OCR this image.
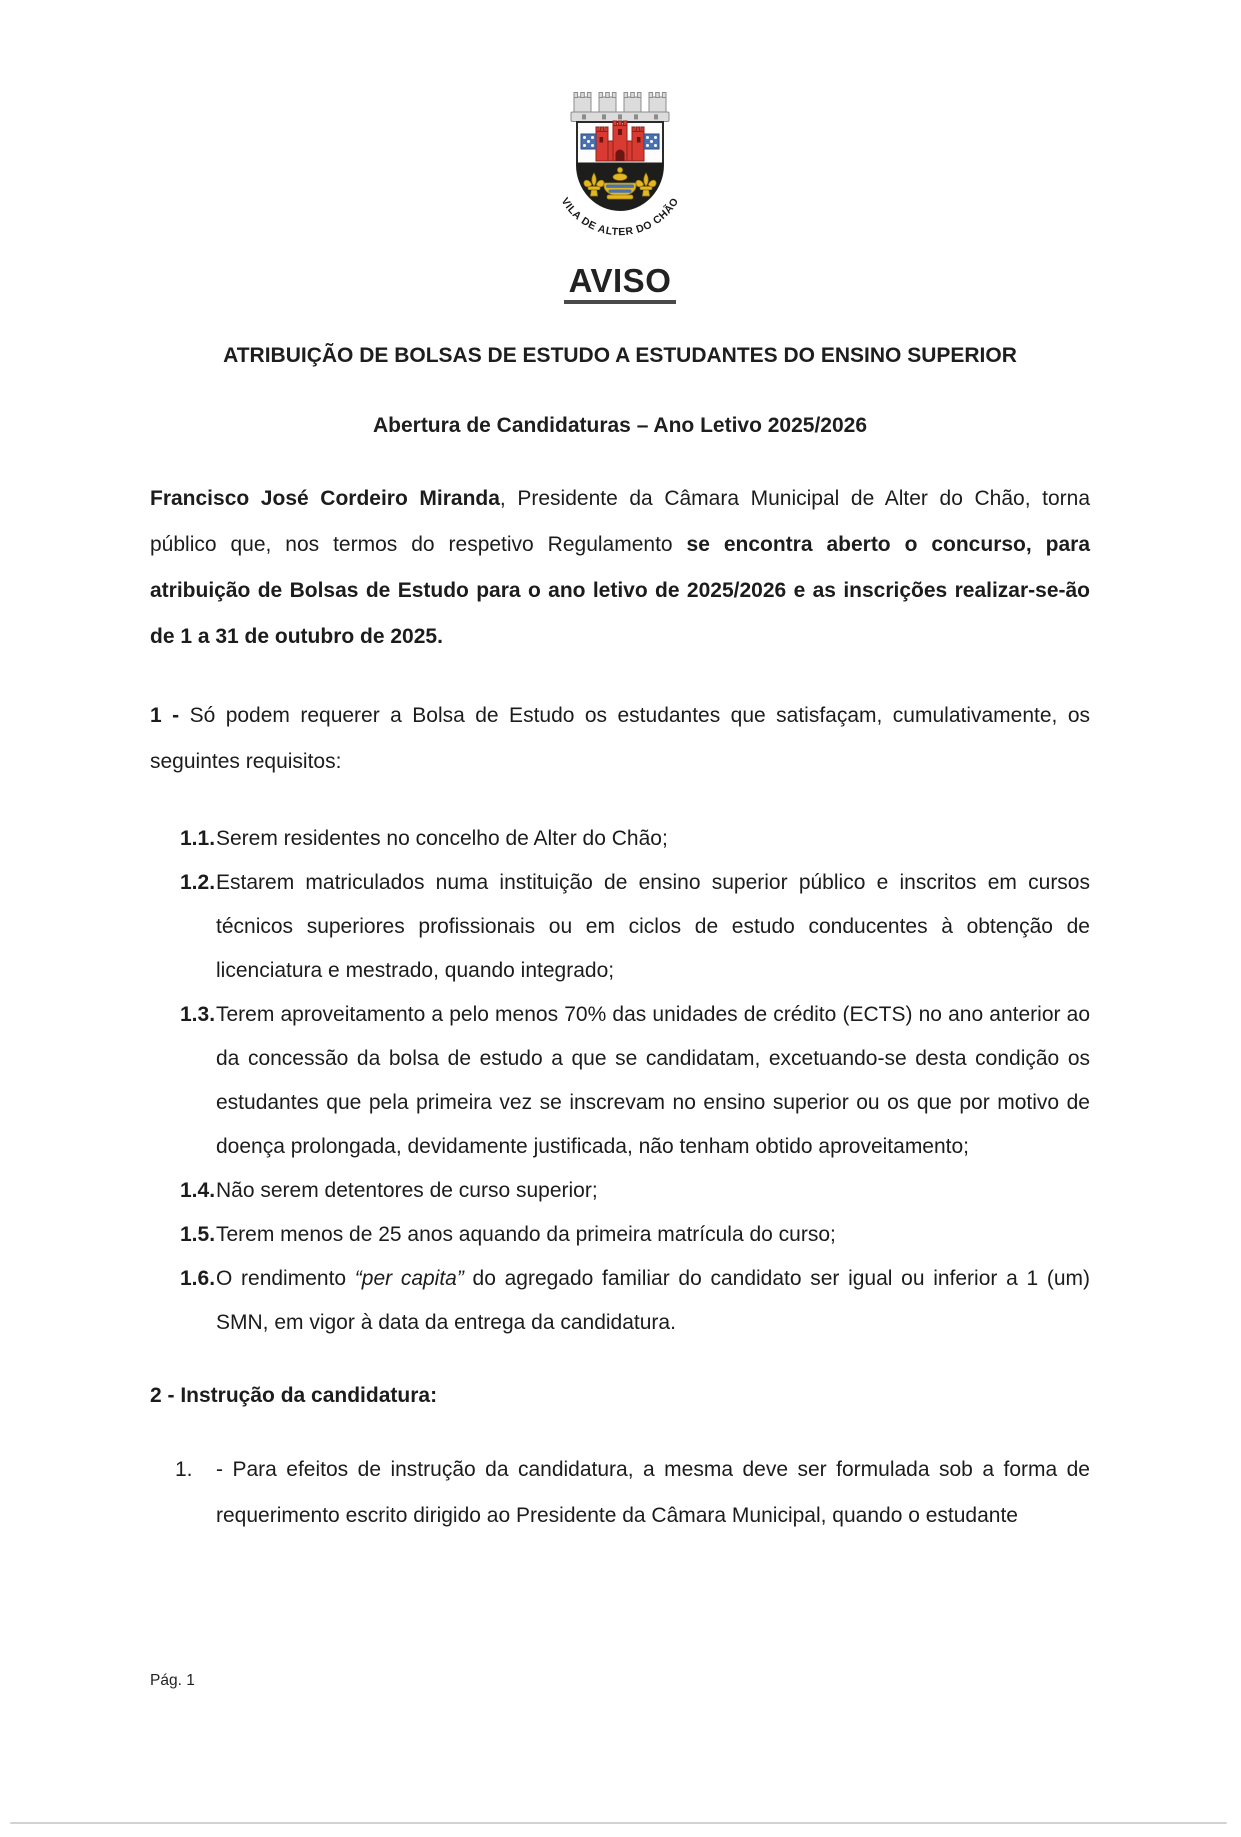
VILA DE ALTER DO CHÃO
AVISO
ATRIBUIÇÃO DE BOLSAS DE ESTUDO A ESTUDANTES DO ENSINO SUPERIOR
Abertura de Candidaturas – Ano Letivo 2025/2026

Francisco José Cordeiro Miranda, Presidente da Câmara Municipal de Alter do Chão, torna público que, nos termos do respetivo Regulamento se encontra aberto o concurso, para atribuição de Bolsas de Estudo para o ano letivo de 2025/2026 e as inscrições realizar-se-ão de 1 a 31 de outubro de 2025.

1 - Só podem requerer a Bolsa de Estudo os estudantes que satisfaçam, cumulativamente, os seguintes requisitos:

1.1.Serem residentes no concelho de Alter do Chão;
1.2.Estarem matriculados numa instituição de ensino superior público e inscritos em cursos técnicos superiores profissionais ou em ciclos de estudo conducentes à obtenção de licenciatura e mestrado, quando integrado;
1.3.Terem aproveitamento a pelo menos 70% das unidades de crédito (ECTS) no ano anterior ao da concessão da bolsa de estudo a que se candidatam, excetuando-se desta condição os estudantes que pela primeira vez se inscrevam no ensino superior ou os que por motivo de doença prolongada, devidamente justificada, não tenham obtido aproveitamento;
1.4.Não serem detentores de curso superior;
1.5.Terem menos de 25 anos aquando da primeira matrícula do curso;
1.6.O rendimento “per capita” do agregado familiar do candidato ser igual ou inferior a 1 (um) SMN, em vigor à data da entrega da candidatura.

2 - Instrução da candidatura:

1. - Para efeitos de instrução da candidatura, a mesma deve ser formulada sob a forma de requerimento escrito dirigido ao Presidente da Câmara Municipal, quando o estudante
Pág. 1
